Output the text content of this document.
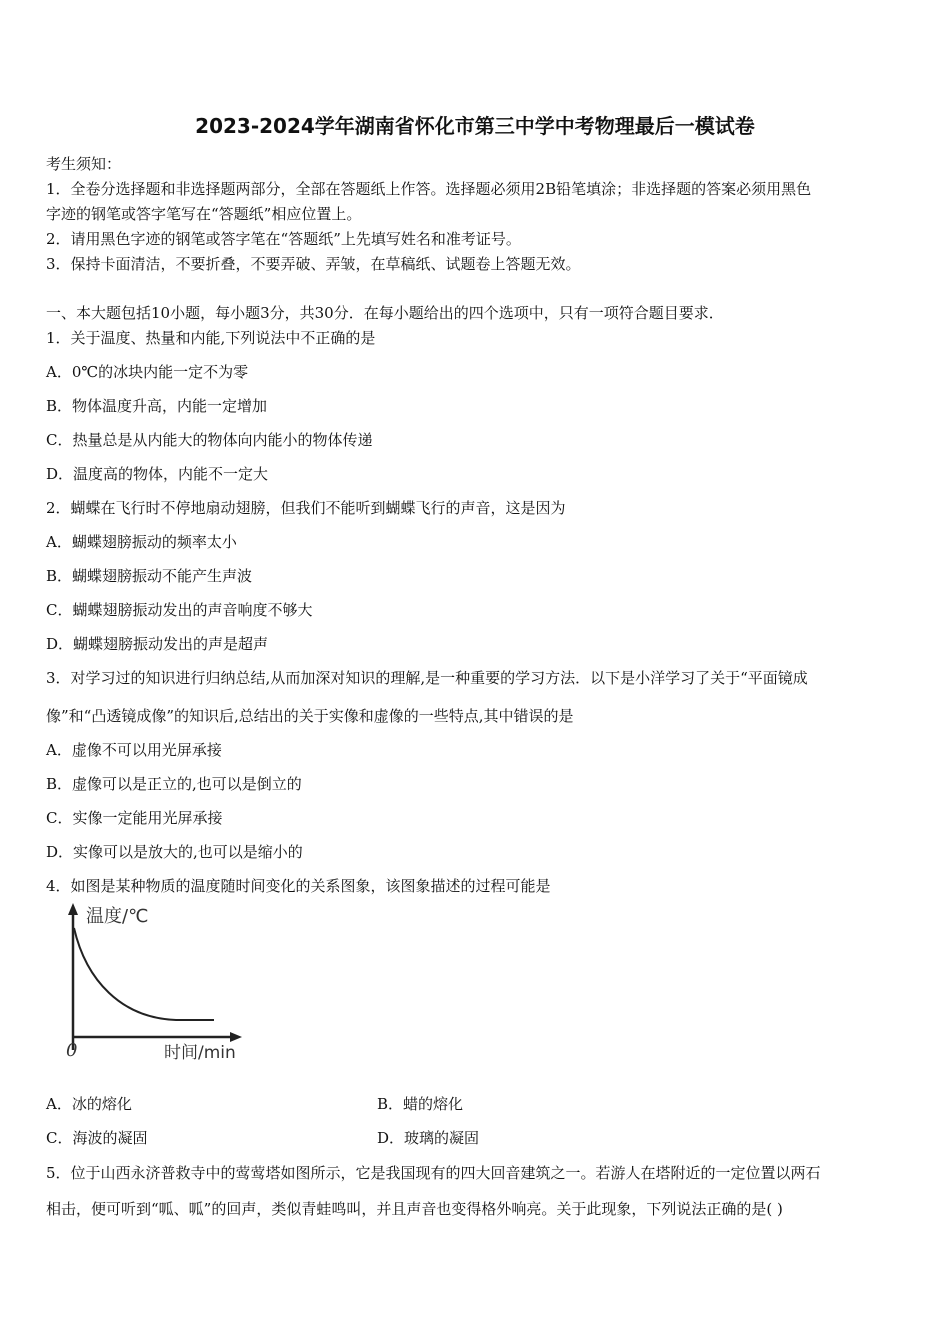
2023-2024学年湖南省怀化市第三中学中考物理最后一模试卷
考生须知：
1．全卷分选择题和非选择题两部分，全部在答题纸上作答。选择题必须用2B铅笔填涂；非选择题的答案必须用黑色
字迹的钢笔或答字笔写在“答题纸”相应位置上。
2．请用黑色字迹的钢笔或答字笔在“答题纸”上先填写姓名和准考证号。
3．保持卡面清洁，不要折叠，不要弄破、弄皱，在草稿纸、试题卷上答题无效。
一、本大题包括10小题，每小题3分，共30分．在每小题给出的四个选项中，只有一项符合题目要求．
1．关于温度、热量和内能,下列说法中不正确的是
A．0℃的冰块内能一定不为零
B．物体温度升高，内能一定增加
C．热量总是从内能大的物体向内能小的物体传递
D．温度高的物体，内能不一定大
2．蝴蝶在飞行时不停地扇动翅膀，但我们不能听到蝴蝶飞行的声音，这是因为
A．蝴蝶翅膀振动的频率太小
B．蝴蝶翅膀振动不能产生声波
C．蝴蝶翅膀振动发出的声音响度不够大
D．蝴蝶翅膀振动发出的声是超声
3．对学习过的知识进行归纳总结,从而加深对知识的理解,是一种重要的学习方法．以下是小洋学习了关于“平面镜成
像”和“凸透镜成像”的知识后,总结出的关于实像和虚像的一些特点,其中错误的是
A．虚像不可以用光屏承接
B．虚像可以是正立的,也可以是倒立的
C．实像一定能用光屏承接
D．实像可以是放大的,也可以是缩小的
4．如图是某种物质的温度随时间变化的关系图象，该图象描述的过程可能是
温度/℃
时间/min
0
A．冰的熔化	B．蜡的熔化
C．海波的凝固	D．玻璃的凝固
5．位于山西永济普救寺中的莺莺塔如图所示，它是我国现有的四大回音建筑之一。若游人在塔附近的一定位置以两石
相击，便可听到“呱、呱”的回声，类似青蛙鸣叫，并且声音也变得格外响亮。关于此现象，下列说法正确的是( )
